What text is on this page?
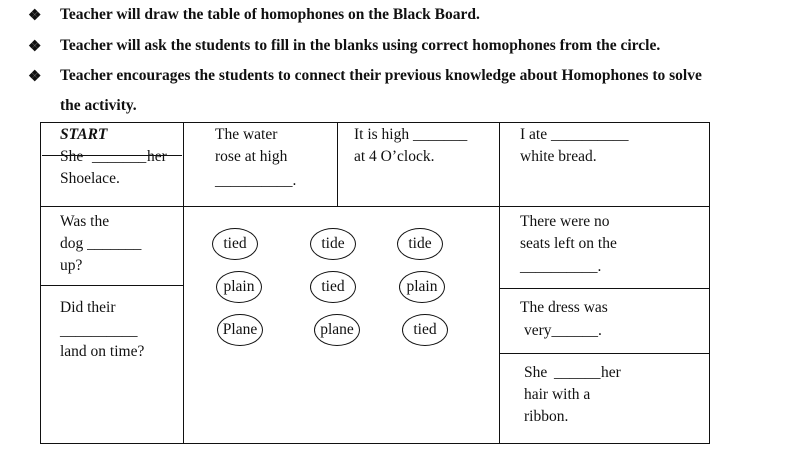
❖ Teacher will draw the table of homophones on the Black Board.
❖ Teacher will ask the students to fill in the blanks using correct homophones from the circle.
❖ Teacher encourages the students to connect their previous knowledge about Homophones to solve
the activity.
START
She _______ her
Shoelace.
The water
rose at high
__________.
It is high _______
at 4 O’clock.
I ate __________
white bread.
Was the
dog _______
up?
There were no
seats left on the
__________.
Did their
__________
land on time?
The dress was
very______.
She ______ her
hair with a
ribbon.
tied	tide	tide
plain	tied	plain
Plane	plane	tied
